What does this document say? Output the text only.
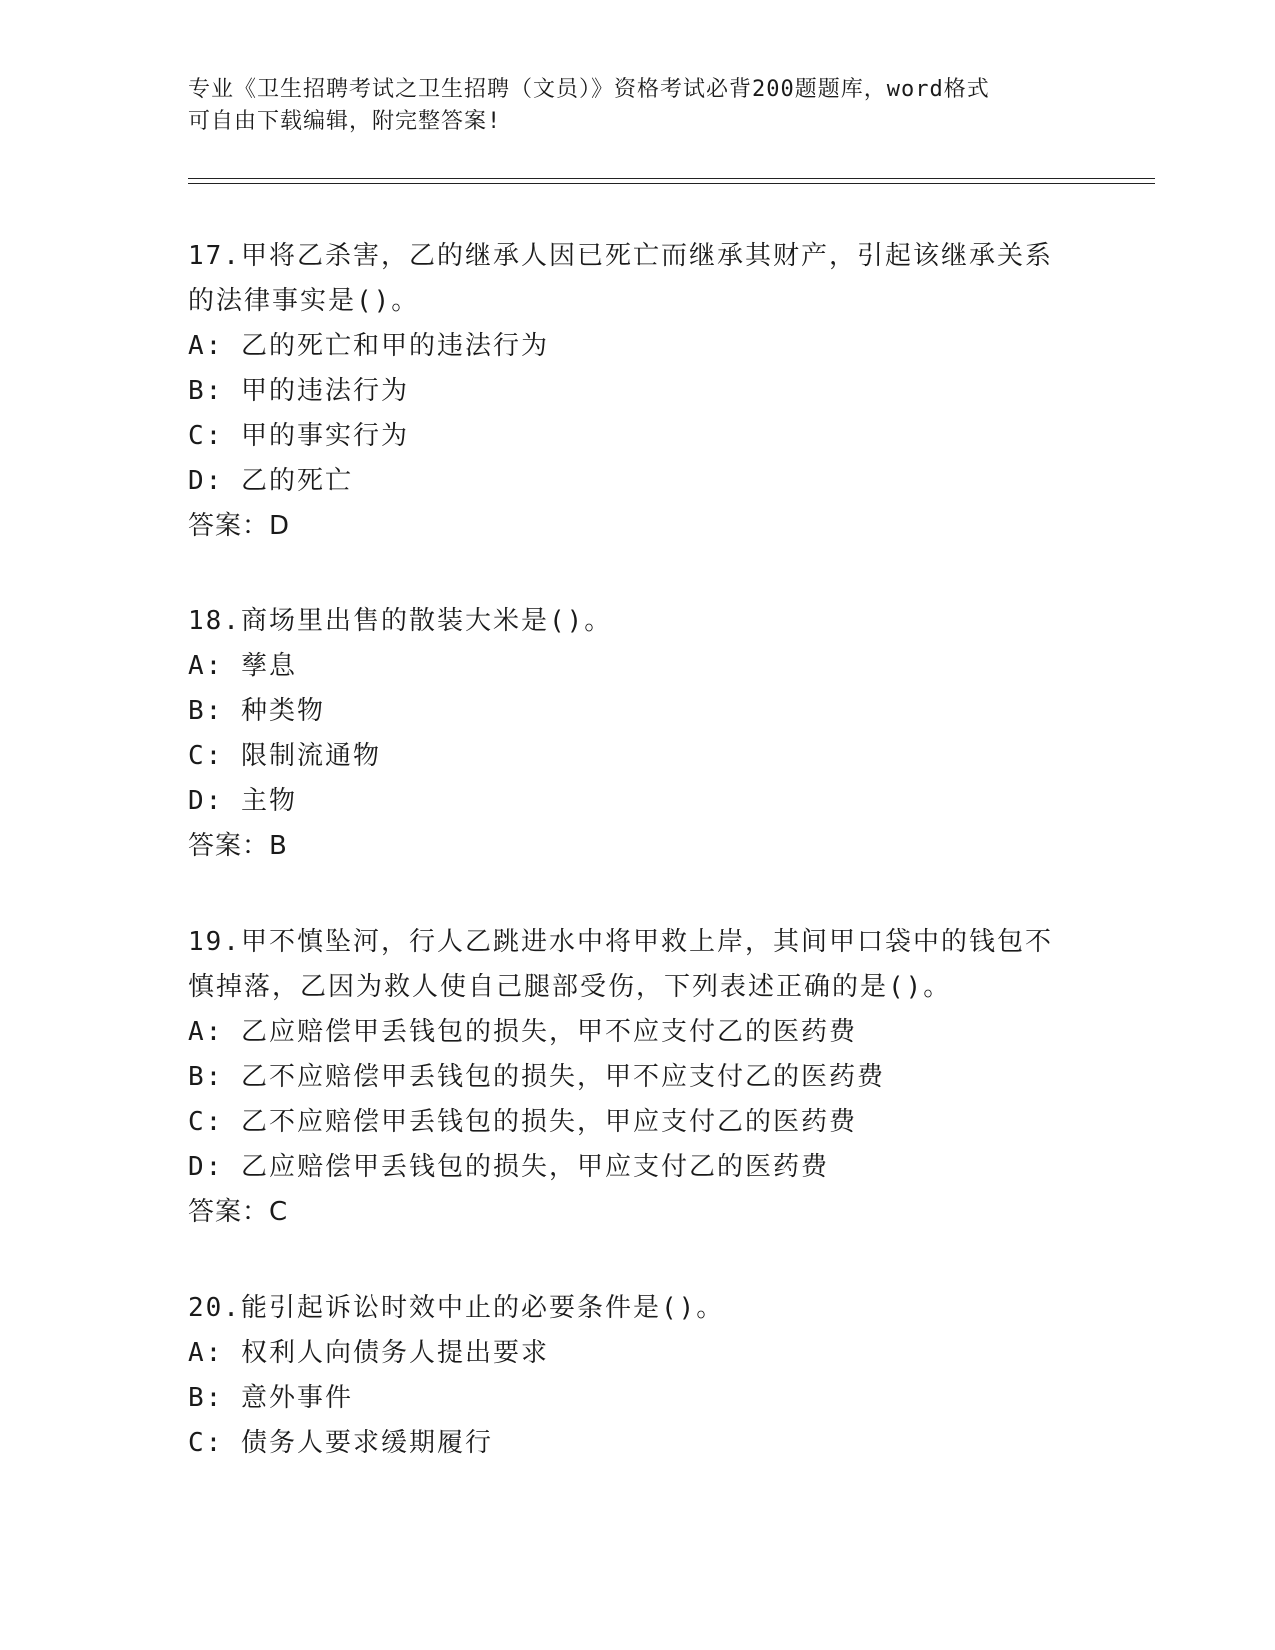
专业《卫生招聘考试之卫生招聘（文员）》资格考试必背200题题库，word格式
可自由下载编辑，附完整答案!

17.甲将乙杀害，乙的继承人因已死亡而继承其财产，引起该继承关系

的法律事实是()。

A: 乙的死亡和甲的违法行为

B: 甲的违法行为

C: 甲的事实行为

D: 乙的死亡

答案：D

18.商场里出售的散装大米是()。

A: 孳息

B: 种类物

C: 限制流通物

D: 主物

答案：B

19.甲不慎坠河，行人乙跳进水中将甲救上岸，其间甲口袋中的钱包不

慎掉落，乙因为救人使自己腿部受伤，下列表述正确的是()。

A: 乙应赔偿甲丢钱包的损失，甲不应支付乙的医药费

B: 乙不应赔偿甲丢钱包的损失，甲不应支付乙的医药费

C: 乙不应赔偿甲丢钱包的损失，甲应支付乙的医药费

D: 乙应赔偿甲丢钱包的损失，甲应支付乙的医药费

答案：C

20.能引起诉讼时效中止的必要条件是()。

A: 权利人向债务人提出要求

B: 意外事件

C: 债务人要求缓期履行
